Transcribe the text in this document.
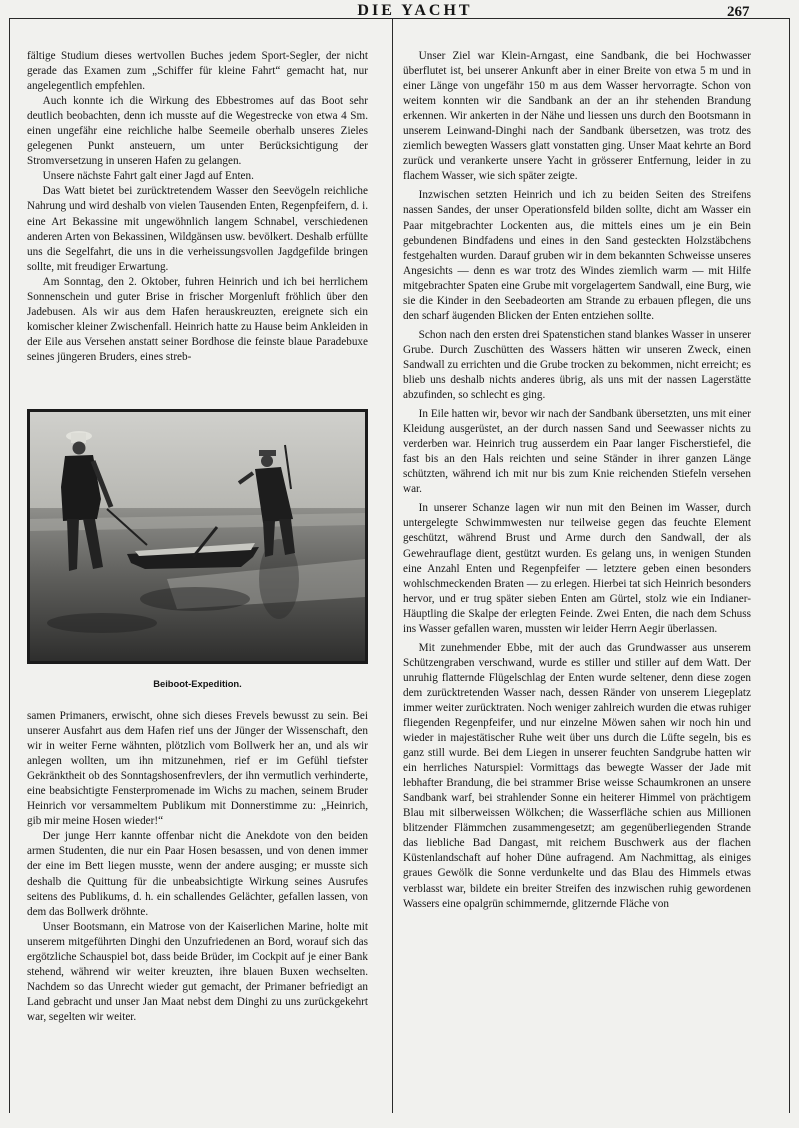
DIE YACHT	267

fältige Studium dieses wertvollen Buches jedem Sport-Segler, der nicht gerade das Examen zum „Schiffer für kleine Fahrt“ gemacht hat, nur angelegentlich empfehlen.

Auch konnte ich die Wirkung des Ebbestromes auf das Boot sehr deutlich beobachten, denn ich musste auf die Wegestrecke von etwa 4 Sm. einen ungefähr eine reichliche halbe Seemeile oberhalb unseres Zieles gelegenen Punkt ansteuern, um unter Berücksichtigung der Stromversetzung in unseren Hafen zu gelangen.

Unsere nächste Fahrt galt einer Jagd auf Enten.

Das Watt bietet bei zurücktretendem Wasser den Seevögeln reichliche Nahrung und wird deshalb von vielen Tausenden Enten, Regenpfeifern, d. i. eine Art Bekassine mit ungewöhnlich langem Schnabel, verschiedenen anderen Arten von Bekassinen, Wildgänsen usw. bevölkert. Deshalb erfüllte uns die Segelfahrt, die uns in die verheissungsvollen Jagdgefilde bringen sollte, mit freudiger Erwartung.

Am Sonntag, den 2. Oktober, fuhren Heinrich und ich bei herrlichem Sonnenschein und guter Brise in frischer Morgenluft fröhlich über den Jadebusen. Als wir aus dem Hafen herauskreuzten, ereignete sich ein komischer kleiner Zwischenfall. Heinrich hatte zu Hause beim Ankleiden in der Eile aus Versehen anstatt seiner Bordhose die feinste blaue Paradebuxe seines jüngeren Bruders, eines streb-

Beiboot-Expedition.

samen Primaners, erwischt, ohne sich dieses Frevels bewusst zu sein. Bei unserer Ausfahrt aus dem Hafen rief uns der Jünger der Wissenschaft, den wir in weiter Ferne wähnten, plötzlich vom Bollwerk her an, und als wir anlegen wollten, um ihn mitzunehmen, rief er im Gefühl tiefster Gekränktheit ob des Sonntagshosenfrevlers, der ihn vermutlich verhinderte, eine beabsichtigte Fensterpromenade im Wichs zu machen, seinem Bruder Heinrich vor versammeltem Publikum mit Donnerstimme zu: „Heinrich, gib mir meine Hosen wieder!“

Der junge Herr kannte offenbar nicht die Anekdote von den beiden armen Studenten, die nur ein Paar Hosen besassen, und von denen immer der eine im Bett liegen musste, wenn der andere ausging; er musste sich deshalb die Quittung für die unbeabsichtigte Wirkung seines Ausrufes seitens des Publikums, d. h. ein schallendes Gelächter, gefallen lassen, von dem das Bollwerk dröhnte.

Unser Bootsmann, ein Matrose von der Kaiserlichen Marine, holte mit unserem mitgeführten Dinghi den Unzufriedenen an Bord, worauf sich das ergötzliche Schauspiel bot, dass beide Brüder, im Cockpit auf je einer Bank stehend, während wir weiter kreuzten, ihre blauen Buxen wechselten. Nachdem so das Unrecht wieder gut gemacht, der Primaner befriedigt an Land gebracht und unser Jan Maat nebst dem Dinghi zu uns zurückgekehrt war, segelten wir weiter.

Unser Ziel war Klein-Arngast, eine Sandbank, die bei Hochwasser überflutet ist, bei unserer Ankunft aber in einer Breite von etwa 5 m und in einer Länge von ungefähr 150 m aus dem Wasser hervorragte. Schon von weitem konnten wir die Sandbank an der an ihr stehenden Brandung erkennen. Wir ankerten in der Nähe und liessen uns durch den Bootsmann in unserem Leinwand-Dinghi nach der Sandbank übersetzen, was trotz des ziemlich bewegten Wassers glatt vonstatten ging. Unser Maat kehrte an Bord zurück und verankerte unsere Yacht in grösserer Entfernung, leider in zu flachem Wasser, wie sich später zeigte.

Inzwischen setzten Heinrich und ich zu beiden Seiten des Streifens nassen Sandes, der unser Operationsfeld bilden sollte, dicht am Wasser ein Paar mitgebrachter Lockenten aus, die mittels eines um je ein Bein gebundenen Bindfadens und eines in den Sand gesteckten Holzstäbchens festgehalten wurden. Darauf gruben wir in dem bekannten Schweisse unseres Angesichts — denn es war trotz des Windes ziemlich warm — mit Hilfe mitgebrachter Spaten eine Grube mit vorgelagertem Sandwall, eine Burg, wie sie die Kinder in den Seebadeorten am Strande zu erbauen pflegen, die uns den scharf äugenden Blicken der Enten entziehen sollte.

Schon nach den ersten drei Spatenstichen stand blankes Wasser in unserer Grube. Durch Zuschütten des Wassers hätten wir unseren Zweck, einen Sandwall zu errichten und die Grube trocken zu bekommen, nicht erreicht; es blieb uns deshalb nichts anderes übrig, als uns mit der nassen Lagerstätte abzufinden, so schlecht es ging.

In Eile hatten wir, bevor wir nach der Sandbank übersetzten, uns mit einer Kleidung ausgerüstet, an der durch nassen Sand und Seewasser nichts zu verderben war. Heinrich trug ausserdem ein Paar langer Fischerstiefel, die fast bis an den Hals reichten und seine Ständer in ihrer ganzen Länge schützten, während ich mit nur bis zum Knie reichenden Stiefeln versehen war.

In unserer Schanze lagen wir nun mit den Beinen im Wasser, durch untergelegte Schwimmwesten nur teilweise gegen das feuchte Element geschützt, während Brust und Arme durch den Sandwall, der als Gewehrauflage dient, gestützt wurden. Es gelang uns, in wenigen Stunden eine Anzahl Enten und Regenpfeifer — letztere geben einen besonders wohlschmeckenden Braten — zu erlegen. Hierbei tat sich Heinrich besonders hervor, und er trug später sieben Enten am Gürtel, stolz wie ein Indianer-Häuptling die Skalpe der erlegten Feinde. Zwei Enten, die nach dem Schuss ins Wasser gefallen waren, mussten wir leider Herrn Aegir überlassen.

Mit zunehmender Ebbe, mit der auch das Grundwasser aus unserem Schützengraben verschwand, wurde es stiller und stiller auf dem Watt. Der unruhig flatternde Flügelschlag der Enten wurde seltener, denn diese zogen dem zurücktretenden Wasser nach, dessen Ränder von unserem Liegeplatz immer weiter zurücktraten. Noch weniger zahlreich wurden die etwas ruhiger fliegenden Regenpfeifer, und nur einzelne Möwen sahen wir noch hin und wieder in majestätischer Ruhe weit über uns durch die Lüfte segeln, bis es ganz still wurde. Bei dem Liegen in unserer feuchten Sandgrube hatten wir ein herrliches Naturspiel: Vormittags das bewegte Wasser der Jade mit lebhafter Brandung, die bei strammer Brise weisse Schaumkronen an unsere Sandbank warf, bei strahlender Sonne ein heiterer Himmel von prächtigem Blau mit silberweissen Wölkchen; die Wasserfläche schien aus Millionen blitzender Flämmchen zusammengesetzt; am gegenüberliegenden Strande das liebliche Bad Dangast, mit reichem Buschwerk aus der flachen Küstenlandschaft auf hoher Düne aufragend. Am Nachmittag, als einiges graues Gewölk die Sonne verdunkelte und das Blau des Himmels etwas verblasst war, bildete ein breiter Streifen des inzwischen ruhig gewordenen Wassers eine opalgrün schimmernde, glitzernde Fläche von
